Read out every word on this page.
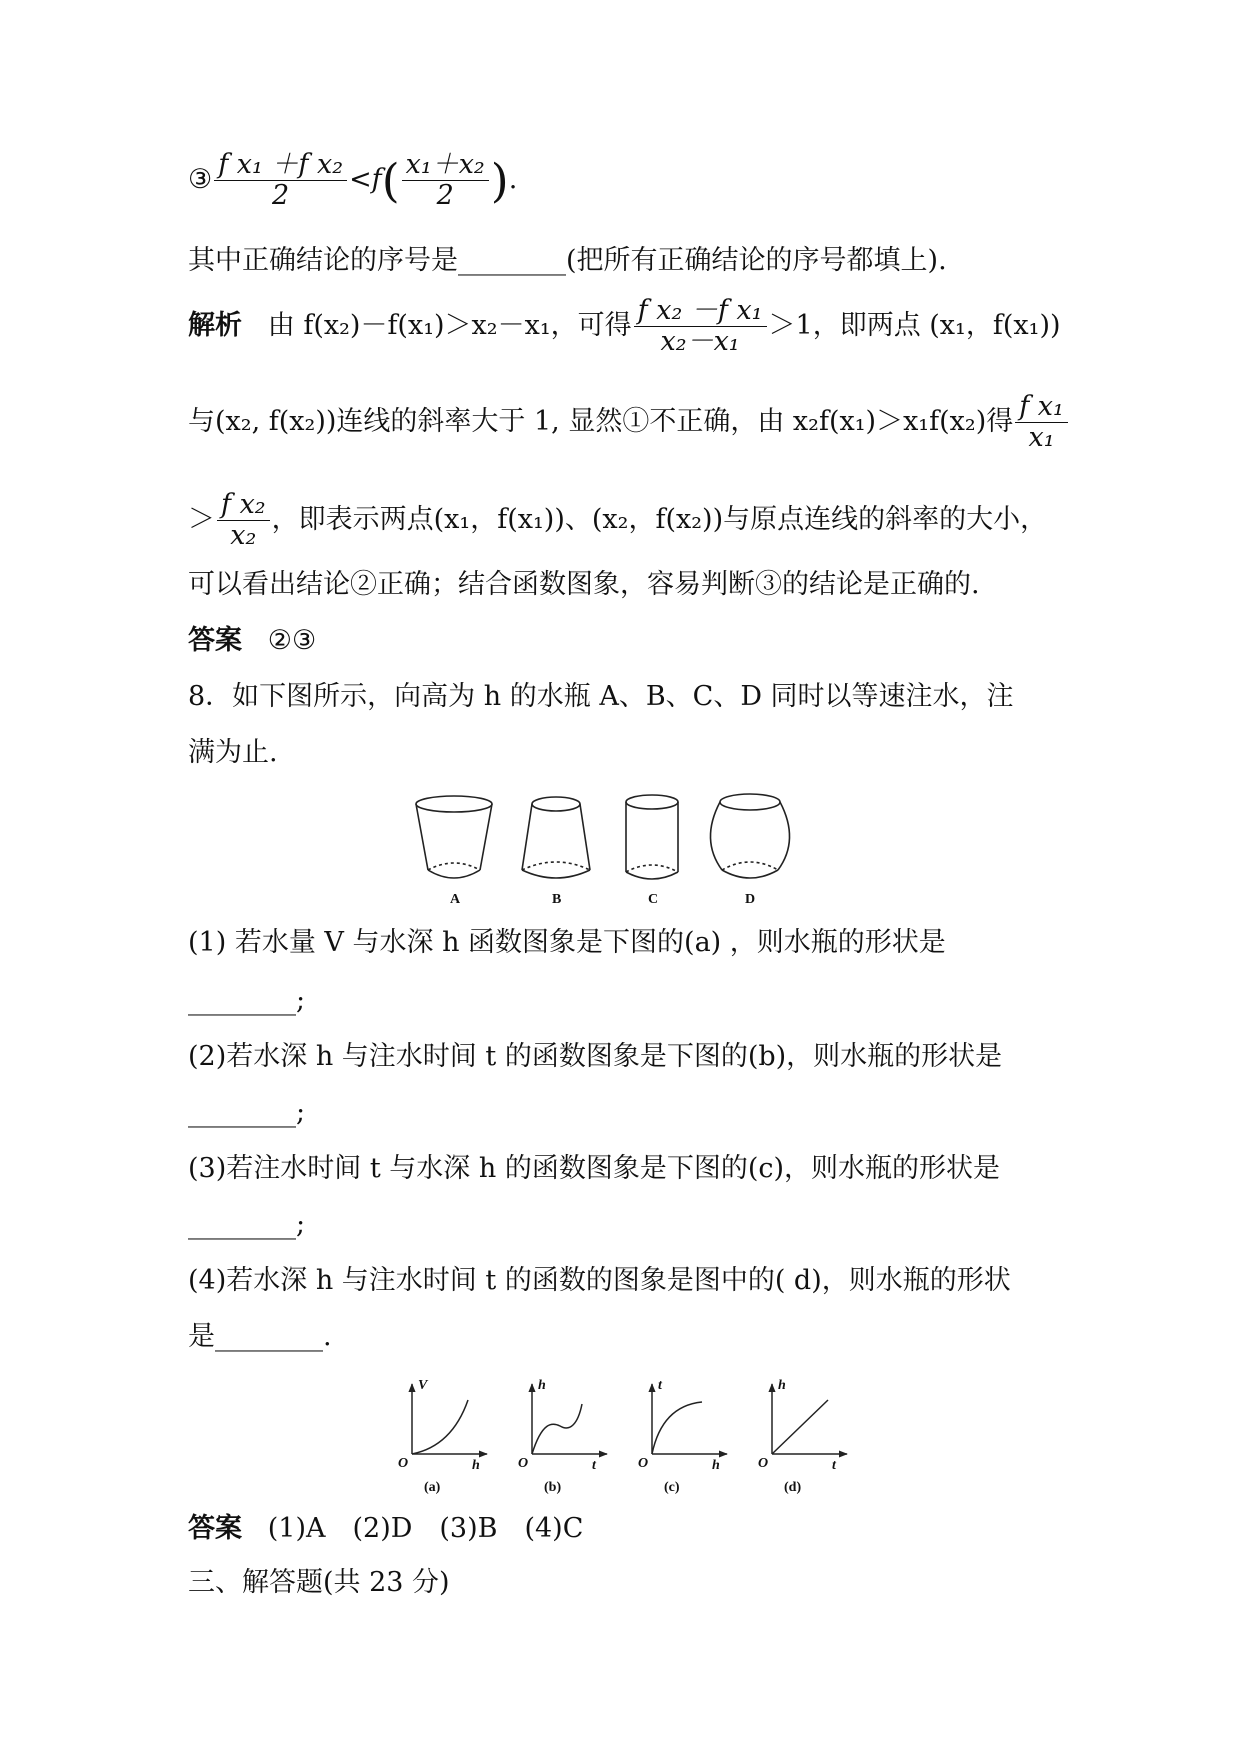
③ $\frac{\text{f x₁ ＋f x₂}}{2} <f( \frac{\text{x₁＋x₂}}{2}$ ).
其中正确结论的序号是________(把所有正确结论的序号都填上).
解析 由 f(x₂)－f(x₁)＞x₂－x₁，可得 $\frac{\text{f x₂ －f x₁}}{\text{x₂－x₁}} >1$，即两点 (x₁，f(x₁))
与(x₂, f(x₂))连线的斜率大于 1, 显然①不正确，由 x₂f(x₁)＞x₁f(x₂)得 $\frac{\text{f x₁}}{\text{x₁}}$
＞ $\frac{\text{f x₂}}{\text{x₂}}$ ，即表示两点(x₁，f(x₁))、(x₂，f(x₂))与原点连线的斜率的大小，
可以看出结论②正确；结合函数图象，容易判断③的结论是正确的.
答案 ②③
8．如下图所示，向高为 h 的水瓶 A、B、C、D 同时以等速注水，注
满为止.
A	B	C	D
(1) 若水量 V 与水深 h 函数图象是下图的(a) ，则水瓶的形状是
________;
(2)若水深 h 与注水时间 t 的函数图象是下图的(b)，则水瓶的形状是
________;
(3)若注水时间 t 与水深 h 的函数图象是下图的(c)，则水瓶的形状是
________;
(4)若水深 h 与注水时间 t 的函数的图象是图中的( d)，则水瓶的形状
是________.
V
h
O
(a)
h
t
O
(b)
t
h
O
(c)
h
t
O
(d)
答案 (1)A　(2)D　(3)B　(4)C
三、解答题(共 23 分)
